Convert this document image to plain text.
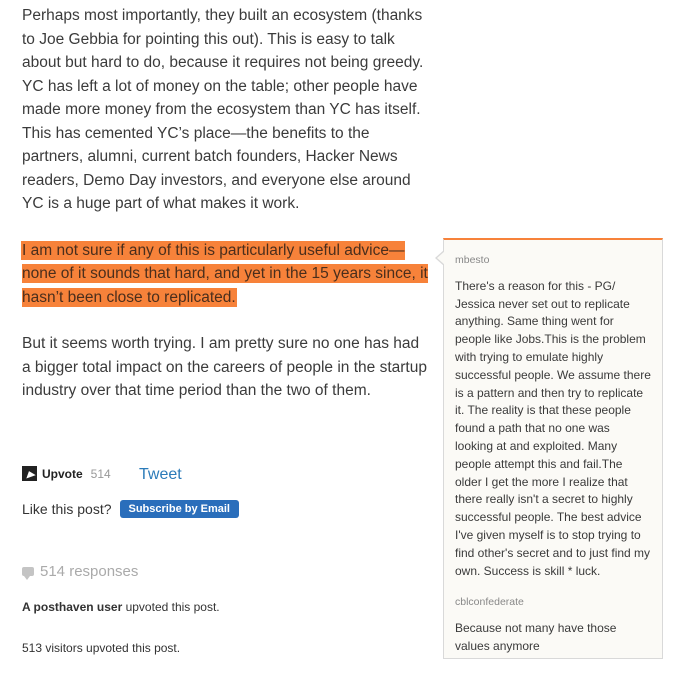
Perhaps most importantly, they built an ecosystem (thanks to Joe Gebbia for pointing this out). This is easy to talk about but hard to do, because it requires not being greedy. YC has left a lot of money on the table; other people have made more money from the ecosystem than YC has itself. This has cemented YC’s place—the benefits to the partners, alumni, current batch founders, Hacker News readers, Demo Day investors, and everyone else around YC is a huge part of what makes it work.

I am not sure if any of this is particularly useful advice—none of it sounds that hard, and yet in the 15 years since, it hasn’t been close to replicated.

But it seems worth trying. I am pretty sure no one has had a bigger total impact on the careers of people in the startup industry over that time period than the two of them.

mbesto
There's a reason for this - PG/ Jessica never set out to replicate anything. Same thing went for people like Jobs.This is the problem with trying to emulate highly successful people. We assume there is a pattern and then try to replicate it. The reality is that these people found a path that no one was looking at and exploited. Many people attempt this and fail.The older I get the more I realize that there really isn't a secret to highly successful people. The best advice I've given myself is to stop trying to find other's secret and to just find my own. Success is skill * luck.
cblconfederate
Because not many have those values anymore
Upvote 514 Tweet
Like this post?	Subscribe by Email
514 responses
A posthaven user upvoted this post.
513 visitors upvoted this post.
